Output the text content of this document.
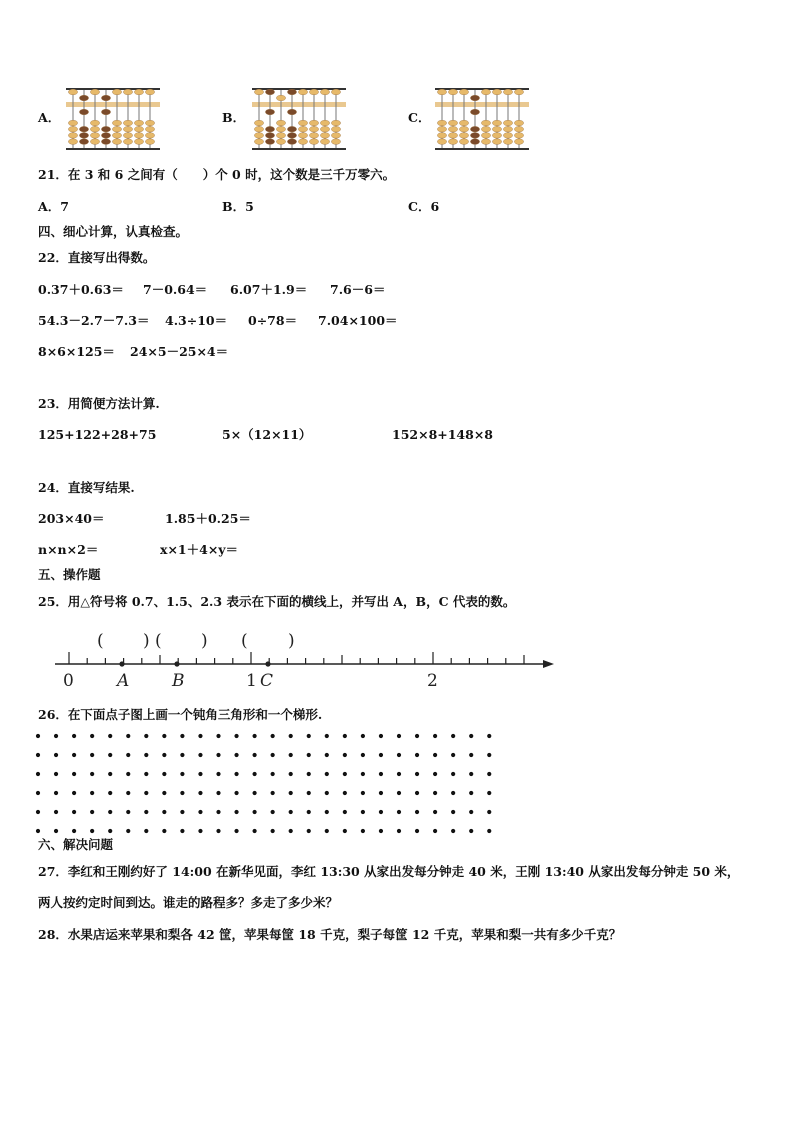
A．	B．	C．
21．在 3 和 6 之间有（　　）个 0 时，这个数是三千万零六。
A．7	B．5	C．6
四、细心计算，认真检查。
22．直接写出得数。
0.37＋0.63＝ 7－0.64＝ 6.07＋1.9＝ 7.6－6＝
54.3－2.7－7.3＝ 4.3÷10＝ 0÷78＝ 7.04×100＝
8×6×125＝ 24×5－25×4＝
23．用简便方法计算.
125+122+28+75	5×（12×11）	152×8+148×8
24．直接写结果.
203×40＝	1.85＋0.25＝
n×n×2＝	x×1＋4×y＝
五、操作题
25．用△符号将 0.7、1.5、2.3 表示在下面的横线上，并写出 A，B，C 代表的数。
( ) ( ) ( )
0	A	B	1 C	2
26．在下面点子图上画一个钝角三角形和一个梯形.
六、解决问题
27．李红和王刚约好了 14:00 在新华见面，李红 13:30 从家出发每分钟走 40 米，王刚 13:40 从家出发每分钟走 50 米，
两人按约定时间到达。谁走的路程多？多走了多少米？
28．水果店运来苹果和梨各 42 筐，苹果每筐 18 千克，梨子每筐 12 千克，苹果和梨一共有多少千克？
